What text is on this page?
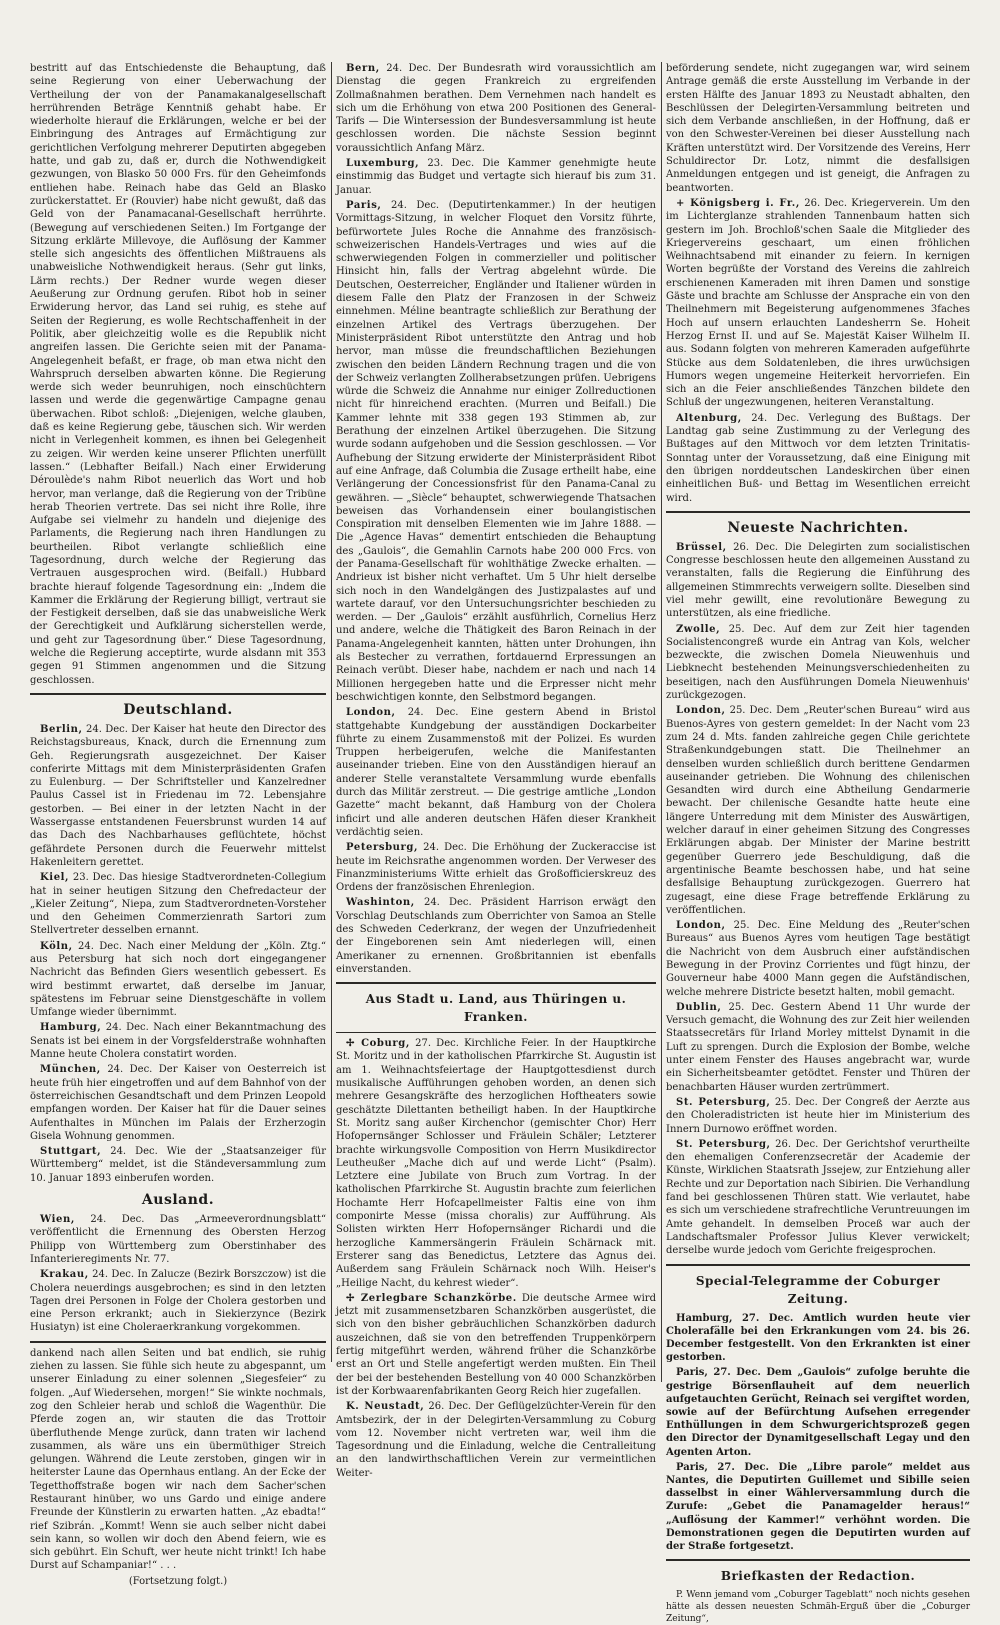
bestritt auf das Entschiedenste die Behauptung, daß seine Regierung von einer Ueberwachung der Vertheilung der von der Panamakanalgesellschaft herrührenden Beträge Kenntniß gehabt habe. Er wiederholte hierauf die Erklärungen, welche er bei der Einbringung des Antrages auf Ermächtigung zur gerichtlichen Verfolgung mehrerer Deputirten abgegeben hatte, und gab zu, daß er, durch die Nothwendigkeit gezwungen, von Blasko 50 000 Frs. für den Geheimfonds entliehen habe. Reinach habe das Geld an Blasko zurückerstattet. Er (Rouvier) habe nicht gewußt, daß das Geld von der Panamacanal-Gesellschaft herrührte. (Bewegung auf verschiedenen Seiten.) Im Fortgange der Sitzung erklärte Millevoye, die Auflösung der Kammer stelle sich angesichts des öffentlichen Mißtrauens als unabweisliche Nothwendigkeit heraus. (Sehr gut links, Lärm rechts.) Der Redner wurde wegen dieser Aeußerung zur Ordnung gerufen. Ribot hob in seiner Erwiderung hervor, das Land sei ruhig, es stehe auf Seiten der Regierung, es wolle Rechtschaffenheit in der Politik, aber gleichzeitig wolle es die Republik nicht angreifen lassen. Die Gerichte seien mit der Panama-Angelegenheit befaßt, er frage, ob man etwa nicht den Wahrspruch derselben abwarten könne. Die Regierung werde sich weder beunruhigen, noch einschüchtern lassen und werde die gegenwärtige Campagne genau überwachen. Ribot schloß: „Diejenigen, welche glauben, daß es keine Regierung gebe, täuschen sich. Wir werden nicht in Verlegenheit kommen, es ihnen bei Gelegenheit zu zeigen. Wir werden keine unserer Pflichten unerfüllt lassen.“ (Lebhafter Beifall.) Nach einer Erwiderung Déroulède's nahm Ribot neuerlich das Wort und hob hervor, man verlange, daß die Regierung von der Tribüne herab Theorien vertrete. Das sei nicht ihre Rolle, ihre Aufgabe sei vielmehr zu handeln und diejenige des Parlaments, die Regierung nach ihren Handlungen zu beurtheilen. Ribot verlangte schließlich eine Tagesordnung, durch welche der Regierung das Vertrauen ausgesprochen wird. (Beifall.) Hubbard brachte hierauf folgende Tagesordnung ein: „Indem die Kammer die Erklärung der Regierung billigt, vertraut sie der Festigkeit derselben, daß sie das unabweisliche Werk der Gerechtigkeit und Aufklärung sicherstellen werde, und geht zur Tagesordnung über.“ Diese Tagesordnung, welche die Regierung acceptirte, wurde alsdann mit 353 gegen 91 Stimmen angenommen und die Sitzung geschlossen.

Deutschland.

Berlin, 24. Dec. Der Kaiser hat heute den Director des Reichstagsbureaus, Knack, durch die Ernennung zum Geh. Regierungsrath ausgezeichnet. Der Kaiser conferirte Mittags mit dem Ministerpräsidenten Grafen zu Eulenburg. — Der Schriftsteller und Kanzelredner Paulus Cassel ist in Friedenau im 72. Lebensjahre gestorben. — Bei einer in der letzten Nacht in der Wassergasse entstandenen Feuersbrunst wurden 14 auf das Dach des Nachbarhauses geflüchtete, höchst gefährdete Personen durch die Feuerwehr mittelst Hakenleitern gerettet.

Kiel, 23. Dec. Das hiesige Stadtverordneten-Collegium hat in seiner heutigen Sitzung den Chefredacteur der „Kieler Zeitung“, Niepa, zum Stadtverordneten-Vorsteher und den Geheimen Commerzienrath Sartori zum Stellvertreter desselben ernannt.

Köln, 24. Dec. Nach einer Meldung der „Köln. Ztg.“ aus Petersburg hat sich noch dort eingegangener Nachricht das Befinden Giers wesentlich gebessert. Es wird bestimmt erwartet, daß derselbe im Januar, spätestens im Februar seine Dienstgeschäfte in vollem Umfange wieder übernimmt.

Hamburg, 24. Dec. Nach einer Bekanntmachung des Senats ist bei einem in der Vorgsfelderstraße wohnhaften Manne heute Cholera constatirt worden.

München, 24. Dec. Der Kaiser von Oesterreich ist heute früh hier eingetroffen und auf dem Bahnhof von der österreichischen Gesandtschaft und dem Prinzen Leopold empfangen worden. Der Kaiser hat für die Dauer seines Aufenthaltes in München im Palais der Erzherzogin Gisela Wohnung genommen.

Stuttgart, 24. Dec. Wie der „Staatsanzeiger für Württemberg“ meldet, ist die Ständeversammlung zum 10. Januar 1893 einberufen worden.

Ausland.

Wien, 24. Dec. Das „Armeeverordnungsblatt“ veröffentlicht die Ernennung des Obersten Herzog Philipp von Württemberg zum Oberstinhaber des Infanterieregiments Nr. 77.

Krakau, 24. Dec. In Zalucze (Bezirk Borszczow) ist die Cholera neuerdings ausgebrochen; es sind in den letzten Tagen drei Personen in Folge der Cholera gestorben und eine Person erkrankt; auch in Siekierzynce (Bezirk Husiatyn) ist eine Choleraerkrankung vorgekommen.

dankend nach allen Seiten und bat endlich, sie ruhig ziehen zu lassen. Sie fühle sich heute zu abgespannt, um unserer Einladung zu einer solennen „Siegesfeier“ zu folgen. „Auf Wiedersehen, morgen!“ Sie winkte nochmals, zog den Schleier herab und schloß die Wagenthür. Die Pferde zogen an, wir stauten die das Trottoir überfluthende Menge zurück, dann traten wir lachend zusammen, als wäre uns ein übermüthiger Streich gelungen. Während die Leute zerstoben, gingen wir in heiterster Laune das Opernhaus entlang. An der Ecke der Tegetthoffstraße bogen wir nach dem Sacher'schen Restaurant hinüber, wo uns Gardo und einige andere Freunde der Künstlerin zu erwarten hatten. „Az ebadta!“ rief Szibrán. „Kommt! Wenn sie auch selber nicht dabei sein kann, so wollen wir doch den Abend feiern, wie es sich gebührt. Ein Schuft, wer heute nicht trinkt! Ich habe Durst auf Schampaniar!“ . . .

(Fortsetzung folgt.)

Bern, 24. Dec. Der Bundesrath wird voraussichtlich am Dienstag die gegen Frankreich zu ergreifenden Zollmaßnahmen berathen. Dem Vernehmen nach handelt es sich um die Erhöhung von etwa 200 Positionen des General-Tarifs — Die Wintersession der Bundesversammlung ist heute geschlossen worden. Die nächste Session beginnt voraussichtlich Anfang März.

Luxemburg, 23. Dec. Die Kammer genehmigte heute einstimmig das Budget und vertagte sich hierauf bis zum 31. Januar.

Paris, 24. Dec. (Deputirtenkammer.) In der heutigen Vormittags-Sitzung, in welcher Floquet den Vorsitz führte, befürwortete Jules Roche die Annahme des französisch-schweizerischen Handels-Vertrages und wies auf die schwerwiegenden Folgen in commerzieller und politischer Hinsicht hin, falls der Vertrag abgelehnt würde. Die Deutschen, Oesterreicher, Engländer und Italiener würden in diesem Falle den Platz der Franzosen in der Schweiz einnehmen. Méline beantragte schließlich zur Berathung der einzelnen Artikel des Vertrags überzugehen. Der Ministerpräsident Ribot unterstützte den Antrag und hob hervor, man müsse die freundschaftlichen Beziehungen zwischen den beiden Ländern Rechnung tragen und die von der Schweiz verlangten Zollherabsetzungen prüfen. Uebrigens würde die Schweiz die Annahme nur einiger Zollreductionen nicht für hinreichend erachten. (Murren und Beifall.) Die Kammer lehnte mit 338 gegen 193 Stimmen ab, zur Berathung der einzelnen Artikel überzugehen. Die Sitzung wurde sodann aufgehoben und die Session geschlossen. — Vor Aufhebung der Sitzung erwiderte der Ministerpräsident Ribot auf eine Anfrage, daß Columbia die Zusage ertheilt habe, eine Verlängerung der Concessionsfrist für den Panama-Canal zu gewähren. — „Siècle“ behauptet, schwerwiegende Thatsachen beweisen das Vorhandensein einer boulangistischen Conspiration mit denselben Elementen wie im Jahre 1888. — Die „Agence Havas“ dementirt entschieden die Behauptung des „Gaulois“, die Gemahlin Carnots habe 200 000 Frcs. von der Panama-Gesellschaft für wohlthätige Zwecke erhalten. — Andrieux ist bisher nicht verhaftet. Um 5 Uhr hielt derselbe sich noch in den Wandelgängen des Justizpalastes auf und wartete darauf, vor den Untersuchungsrichter beschieden zu werden. — Der „Gaulois“ erzählt ausführlich, Cornelius Herz und andere, welche die Thätigkeit des Baron Reinach in der Panama-Angelegenheit kannten, hätten unter Drohungen, ihn als Bestecher zu verrathen, fortdauernd Erpressungen an Reinach verübt. Dieser habe, nachdem er nach und nach 14 Millionen hergegeben hatte und die Erpresser nicht mehr beschwichtigen konnte, den Selbstmord begangen.

London, 24. Dec. Eine gestern Abend in Bristol stattgehabte Kundgebung der ausständigen Dockarbeiter führte zu einem Zusammenstoß mit der Polizei. Es wurden Truppen herbeigerufen, welche die Manifestanten auseinander trieben. Eine von den Ausständigen hierauf an anderer Stelle veranstaltete Versammlung wurde ebenfalls durch das Militär zerstreut. — Die gestrige amtliche „London Gazette“ macht bekannt, daß Hamburg von der Cholera inficirt und alle anderen deutschen Häfen dieser Krankheit verdächtig seien.

Petersburg, 24. Dec. Die Erhöhung der Zuckeraccise ist heute im Reichsrathe angenommen worden. Der Verweser des Finanzministeriums Witte erhielt das Großofficierskreuz des Ordens der französischen Ehrenlegion.

Washinton, 24. Dec. Präsident Harrison erwägt den Vorschlag Deutschlands zum Oberrichter von Samoa an Stelle des Schweden Cederkranz, der wegen der Unzufriedenheit der Eingeborenen sein Amt niederlegen will, einen Amerikaner zu ernennen. Großbritannien ist ebenfalls einverstanden.

Aus Stadt u. Land, aus Thüringen u. Franken.

✢ Coburg, 27. Dec. Kirchliche Feier. In der Hauptkirche St. Moritz und in der katholischen Pfarrkirche St. Augustin ist am 1. Weihnachtsfeiertage der Hauptgottesdienst durch musikalische Aufführungen gehoben worden, an denen sich mehrere Gesangskräfte des herzoglichen Hoftheaters sowie geschätzte Dilettanten betheiligt haben. In der Hauptkirche St. Moritz sang außer Kirchenchor (gemischter Chor) Herr Hofopernsänger Schlosser und Fräulein Schäler; Letzterer brachte wirkungsvolle Composition von Herrn Musikdirector Leutheußer „Mache dich auf und werde Licht“ (Psalm). Letztere eine Jubilate von Bruch zum Vortrag. In der katholischen Pfarrkirche St. Augustin brachte zum feierlichen Hochamte Herr Hofcapellmeister Faltis eine von ihm componirte Messe (missa choralis) zur Aufführung. Als Solisten wirkten Herr Hofopernsänger Richardi und die herzogliche Kammersängerin Fräulein Schärnack mit. Ersterer sang das Benedictus, Letztere das Agnus dei. Außerdem sang Fräulein Schärnack noch Wilh. Heiser's „Heilige Nacht, du kehrest wieder“.

✢ Zerlegbare Schanzkörbe. Die deutsche Armee wird jetzt mit zusammensetzbaren Schanzkörben ausgerüstet, die sich von den bisher gebräuchlichen Schanzkörben dadurch auszeichnen, daß sie von den betreffenden Truppenkörpern fertig mitgeführt werden, während früher die Schanzkörbe erst an Ort und Stelle angefertigt werden mußten. Ein Theil der bei der bestehenden Bestellung von 40 000 Schanzkörben ist der Korbwaarenfabrikanten Georg Reich hier zugefallen.

K. Neustadt, 26. Dec. Der Geflügelzüchter-Verein für den Amtsbezirk, der in der Delegirten-Versammlung zu Coburg vom 12. November nicht vertreten war, weil ihm die Tagesordnung und die Einladung, welche die Centralleitung an den landwirthschaftlichen Verein zur vermeintlichen Weiter-

beförderung sendete, nicht zugegangen war, wird seinem Antrage gemäß die erste Ausstellung im Verbande in der ersten Hälfte des Januar 1893 zu Neustadt abhalten, den Beschlüssen der Delegirten-Versammlung beitreten und sich dem Verbande anschließen, in der Hoffnung, daß er von den Schwester-Vereinen bei dieser Ausstellung nach Kräften unterstützt wird. Der Vorsitzende des Vereins, Herr Schuldirector Dr. Lotz, nimmt die desfallsigen Anmeldungen entgegen und ist geneigt, die Anfragen zu beantworten.

+ Königsberg i. Fr., 26. Dec. Kriegerverein. Um den im Lichterglanze strahlenden Tannenbaum hatten sich gestern im Joh. Brochloß'schen Saale die Mitglieder des Kriegervereins geschaart, um einen fröhlichen Weihnachtsabend mit einander zu feiern. In kernigen Worten begrüßte der Vorstand des Vereins die zahlreich erschienenen Kameraden mit ihren Damen und sonstige Gäste und brachte am Schlusse der Ansprache ein von den Theilnehmern mit Begeisterung aufgenommenes 3faches Hoch auf unsern erlauchten Landesherrn Se. Hoheit Herzog Ernst II. und auf Se. Majestät Kaiser Wilhelm II. aus. Sodann folgten von mehreren Kameraden aufgeführte Stücke aus dem Soldatenleben, die ihres urwüchsigen Humors wegen ungemeine Heiterkeit hervorriefen. Ein sich an die Feier anschließendes Tänzchen bildete den Schluß der ungezwungenen, heiteren Veranstaltung.

Altenburg, 24. Dec. Verlegung des Bußtags. Der Landtag gab seine Zustimmung zu der Verlegung des Bußtages auf den Mittwoch vor dem letzten Trinitatis-Sonntag unter der Voraussetzung, daß eine Einigung mit den übrigen norddeutschen Landeskirchen über einen einheitlichen Buß- und Bettag im Wesentlichen erreicht wird.

Neueste Nachrichten.

Brüssel, 26. Dec. Die Delegirten zum socialistischen Congresse beschlossen heute den allgemeinen Ausstand zu veranstalten, falls die Regierung die Einführung des allgemeinen Stimmrechts verweigern sollte. Dieselben sind viel mehr gewillt, eine revolutionäre Bewegung zu unterstützen, als eine friedliche.

Zwolle, 25. Dec. Auf dem zur Zeit hier tagenden Socialistencongreß wurde ein Antrag van Kols, welcher bezweckte, die zwischen Domela Nieuwenhuis und Liebknecht bestehenden Meinungsverschiedenheiten zu beseitigen, nach den Ausführungen Domela Nieuwenhuis' zurückgezogen.

London, 25. Dec. Dem „Reuter'schen Bureau“ wird aus Buenos-Ayres von gestern gemeldet: In der Nacht vom 23 zum 24 d. Mts. fanden zahlreiche gegen Chile gerichtete Straßenkundgebungen statt. Die Theilnehmer an denselben wurden schließlich durch berittene Gendarmen auseinander getrieben. Die Wohnung des chilenischen Gesandten wird durch eine Abtheilung Gendarmerie bewacht. Der chilenische Gesandte hatte heute eine längere Unterredung mit dem Minister des Auswärtigen, welcher darauf in einer geheimen Sitzung des Congresses Erklärungen abgab. Der Minister der Marine bestritt gegenüber Guerrero jede Beschuldigung, daß die argentinische Beamte beschossen habe, und hat seine desfallsige Behauptung zurückgezogen. Guerrero hat zugesagt, eine diese Frage betreffende Erklärung zu veröffentlichen.

London, 25. Dec. Eine Meldung des „Reuter'schen Bureaus“ aus Buenos Ayres vom heutigen Tage bestätigt die Nachricht von dem Ausbruch einer aufständischen Bewegung in der Provinz Corrientes und fügt hinzu, der Gouverneur habe 4000 Mann gegen die Aufständischen, welche mehrere Districte besetzt halten, mobil gemacht.

Dublin, 25. Dec. Gestern Abend 11 Uhr wurde der Versuch gemacht, die Wohnung des zur Zeit hier weilenden Staatssecretärs für Irland Morley mittelst Dynamit in die Luft zu sprengen. Durch die Explosion der Bombe, welche unter einem Fenster des Hauses angebracht war, wurde ein Sicherheitsbeamter getödtet. Fenster und Thüren der benachbarten Häuser wurden zertrümmert.

St. Petersburg, 25. Dec. Der Congreß der Aerzte aus den Choleradistricten ist heute hier im Ministerium des Innern Durnowo eröffnet worden.

St. Petersburg, 26. Dec. Der Gerichtshof verurtheilte den ehemaligen Conferenzsecretär der Academie der Künste, Wirklichen Staatsrath Jssejew, zur Entziehung aller Rechte und zur Deportation nach Sibirien. Die Verhandlung fand bei geschlossenen Thüren statt. Wie verlautet, habe es sich um verschiedene strafrechtliche Veruntreuungen im Amte gehandelt. In demselben Proceß war auch der Landschaftsmaler Professor Julius Klever verwickelt; derselbe wurde jedoch vom Gerichte freigesprochen.

Special-Telegramme der Coburger Zeitung.

Hamburg, 27. Dec. Amtlich wurden heute vier Cholerafälle bei den Erkrankungen vom 24. bis 26. December festgestellt. Von den Erkrankten ist einer gestorben.

Paris, 27. Dec. Dem „Gaulois“ zufolge beruhte die gestrige Börsenflauheit auf dem neuerlich aufgetauchten Gerücht, Reinach sei vergiftet worden, sowie auf der Befürchtung Aufsehen erregender Enthüllungen in dem Schwurgerichtsprozeß gegen den Director der Dynamitgesellschaft Legay und den Agenten Arton.

Paris, 27. Dec. Die „Libre parole“ meldet aus Nantes, die Deputirten Guillemet und Sibille seien dasselbst in einer Wählerversammlung durch die Zurufe: „Gebet die Panamagelder heraus!“ „Auflösung der Kammer!“ verhöhnt worden. Die Demonstrationen gegen die Deputirten wurden auf der Straße fortgesetzt.

Briefkasten der Redaction.

P. Wenn jemand vom „Coburger Tageblatt“ noch nichts gesehen hätte als dessen neuesten Schmäh-Erguß über die „Coburger Zeitung“,
